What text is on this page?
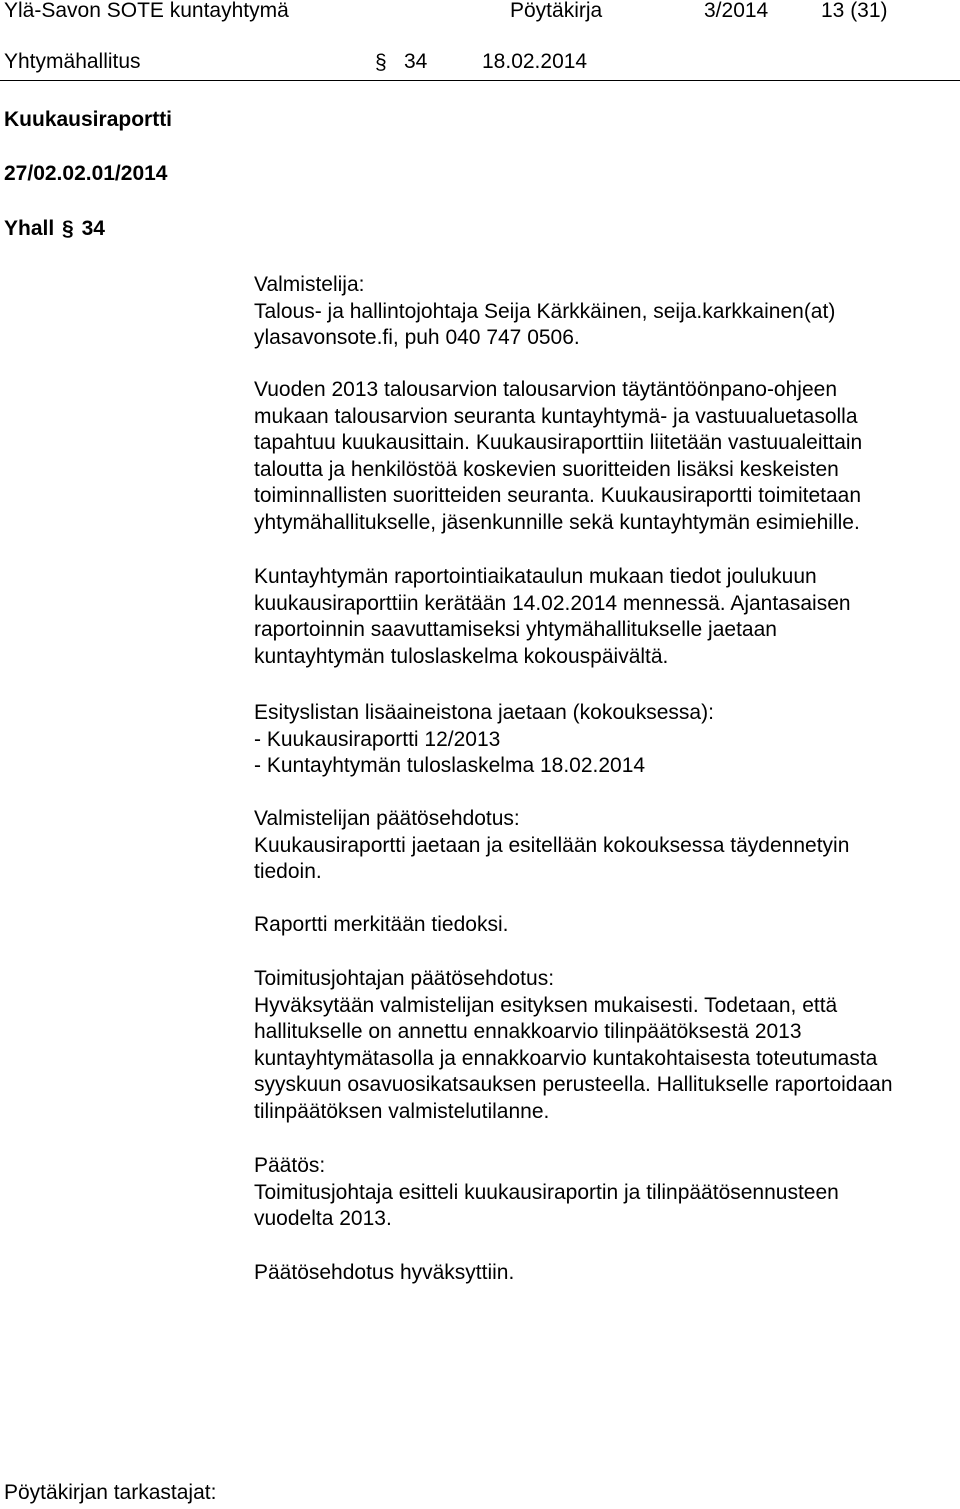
Ylä-Savon SOTE kuntayhtymä	Pöytäkirja	3/2014	13 (31)
Yhtymähallitus	34	18.02.2014
§
Kuukausiraportti
27/02.02.01/2014
Yhall § 34
Valmistelija:
Talous- ja hallintojohtaja Seija Kärkkäinen, seija.karkkainen(at)
ylasavonsote.fi, puh 040 747 0506.
Vuoden 2013 talousarvion talousarvion täytäntöönpano-ohjeen
mukaan talousarvion seuranta kuntayhtymä- ja vastuualuetasolla
tapahtuu kuukausittain. Kuukausiraporttiin liitetään vastuualeittain
taloutta ja henkilöstöä koskevien suoritteiden lisäksi keskeisten
toiminnallisten suoritteiden seuranta. Kuukausiraportti toimitetaan
yhtymähallitukselle, jäsenkunnille sekä kuntayhtymän esimiehille.
Kuntayhtymän raportointiaikataulun mukaan tiedot joulukuun
kuukausiraporttiin kerätään 14.02.2014 mennessä. Ajantasaisen
raportoinnin saavuttamiseksi yhtymähallitukselle jaetaan
kuntayhtymän tuloslaskelma kokouspäivältä.
Esityslistan lisäaineistona jaetaan (kokouksessa):
- Kuukausiraportti 12/2013
- Kuntayhtymän tuloslaskelma 18.02.2014
Valmistelijan päätösehdotus:
Kuukausiraportti jaetaan ja esitellään kokouksessa täydennetyin
tiedoin.
Raportti merkitään tiedoksi.
Toimitusjohtajan päätösehdotus:
Hyväksytään valmistelijan esityksen mukaisesti. Todetaan, että
hallitukselle on annettu ennakkoarvio tilinpäätöksestä 2013
kuntayhtymätasolla ja ennakkoarvio kuntakohtaisesta toteutumasta
syyskuun osavuosikatsauksen perusteella. Hallitukselle raportoidaan
tilinpäätöksen valmistelutilanne.
Päätös:
Toimitusjohtaja esitteli kuukausiraportin ja tilinpäätösennusteen
vuodelta 2013.
Päätösehdotus hyväksyttiin.
Pöytäkirjan tarkastajat:
